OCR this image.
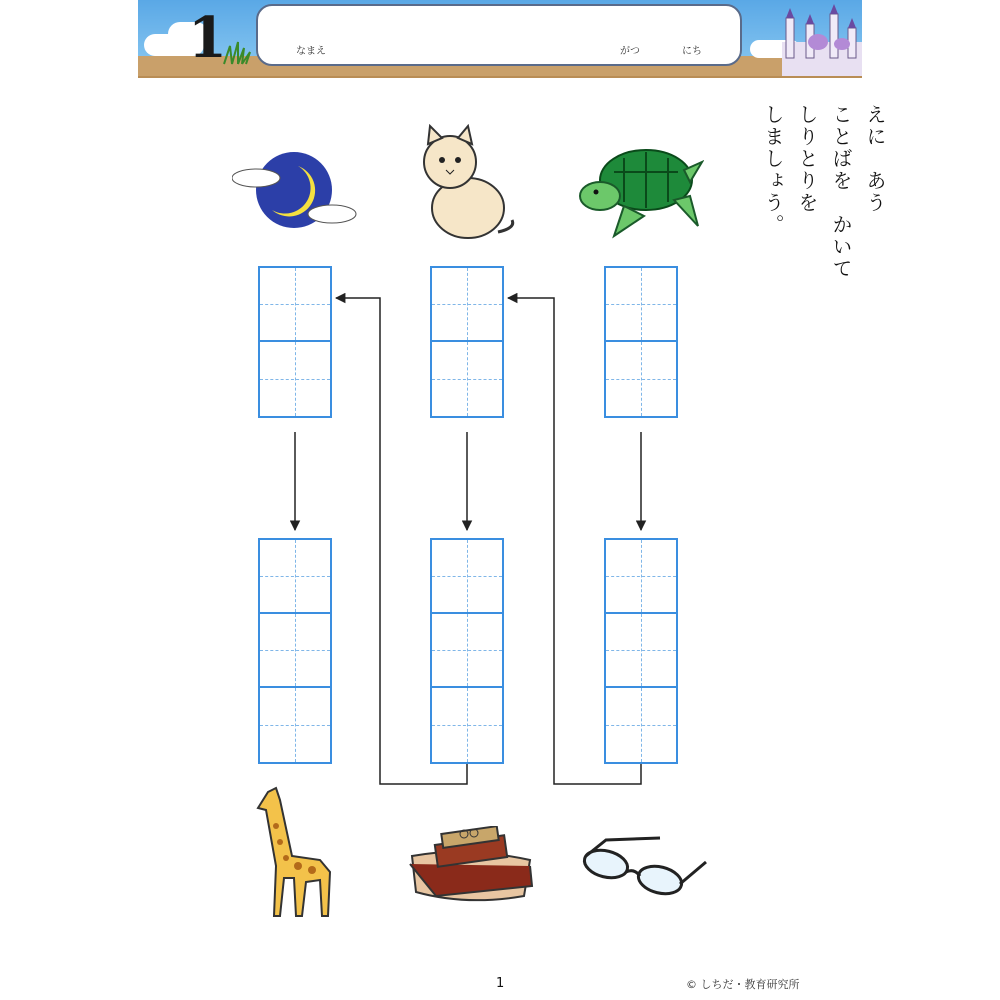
1	なまえ	がつ	にち
えに　あう
ことばを　かいて
しりとりを
しましょう。
1	© しちだ・教育研究所
